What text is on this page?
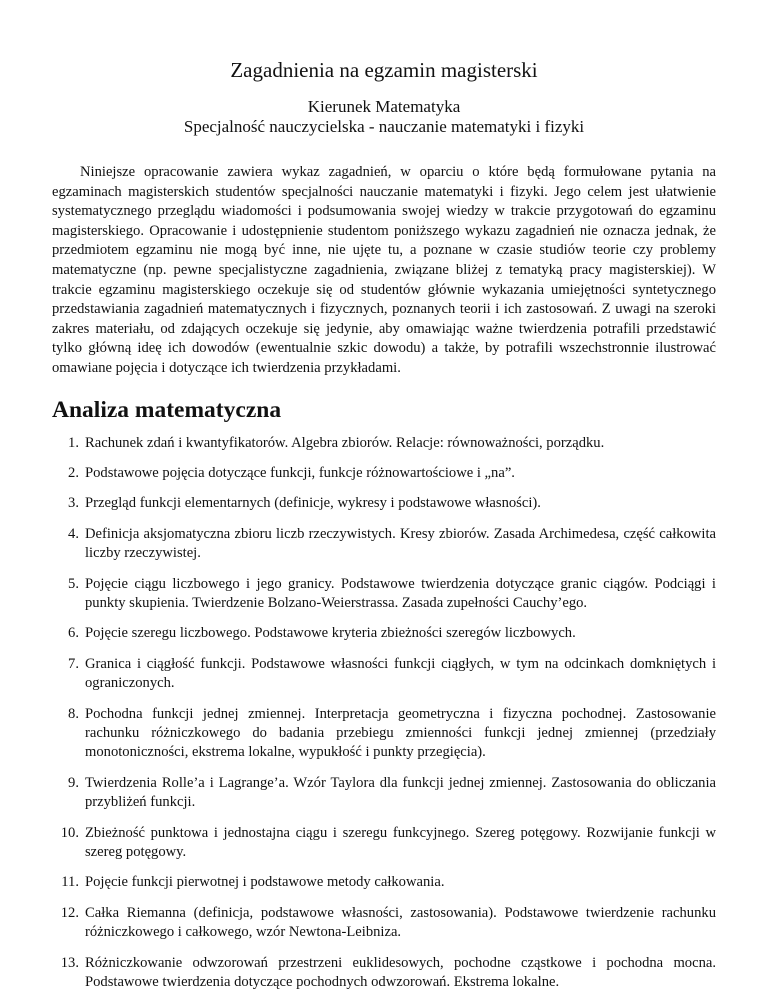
Zagadnienia na egzamin magisterski

Kierunek Matematyka

Specjalność nauczycielska - nauczanie matematyki i fizyki

Niniejsze opracowanie zawiera wykaz zagadnień, w oparciu o które będą formułowane pytania na egzaminach magisterskich studentów specjalności nauczanie matematyki i fizyki. Jego celem jest ułatwienie systematycznego przeglądu wiadomości i podsumowania swojej wiedzy w trakcie przygotowań do egzaminu magisterskiego. Opracowanie i udostępnienie studentom poniższego wykazu zagadnień nie oznacza jednak, że przedmiotem egzaminu nie mogą być inne, nie ujęte tu, a poznane w czasie studiów teorie czy problemy matematyczne (np. pewne specjalistyczne zagadnienia, związane bliżej z tematyką pracy magisterskiej). W trakcie egzaminu magisterskiego oczekuje się od studentów głównie wykazania umiejętności syntetycznego przedstawiania zagadnień matematycznych i fizycznych, poznanych teorii i ich zastosowań. Z uwagi na szeroki zakres materiału, od zdających oczekuje się jedynie, aby omawiając ważne twierdzenia potrafili przedstawić tylko główną ideę ich dowodów (ewentualnie szkic dowodu) a także, by potrafili wszechstronnie ilustrować omawiane pojęcia i dotyczące ich twierdzenia przykładami.

Analiza matematyczna
1. Rachunek zdań i kwantyfikatorów. Algebra zbiorów. Relacje: równoważności, porządku.
2. Podstawowe pojęcia dotyczące funkcji, funkcje różnowartościowe i „na”.
3. Przegląd funkcji elementarnych (definicje, wykresy i podstawowe własności).
4. Definicja aksjomatyczna zbioru liczb rzeczywistych. Kresy zbiorów. Zasada Archimedesa, część całkowita liczby rzeczywistej.
5. Pojęcie ciągu liczbowego i jego granicy. Podstawowe twierdzenia dotyczące granic ciągów. Podciągi i punkty skupienia. Twierdzenie Bolzano-Weierstrassa. Zasada zupełności Cauchy’ego.
6. Pojęcie szeregu liczbowego. Podstawowe kryteria zbieżności szeregów liczbowych.
7. Granica i ciągłość funkcji. Podstawowe własności funkcji ciągłych, w tym na odcinkach domkniętych i ograniczonych.
8. Pochodna funkcji jednej zmiennej. Interpretacja geometryczna i fizyczna pochodnej. Zastosowanie rachunku różniczkowego do badania przebiegu zmienności funkcji jednej zmiennej (przedziały monotoniczności, ekstrema lokalne, wypukłość i punkty przegięcia).
9. Twierdzenia Rolle’a i Lagrange’a. Wzór Taylora dla funkcji jednej zmiennej. Zastosowania do obliczania przybliżeń funkcji.
10. Zbieżność punktowa i jednostajna ciągu i szeregu funkcyjnego. Szereg potęgowy. Rozwijanie funkcji w szereg potęgowy.
11. Pojęcie funkcji pierwotnej i podstawowe metody całkowania.
12. Całka Riemanna (definicja, podstawowe własności, zastosowania). Podstawowe twierdzenie rachunku różniczkowego i całkowego, wzór Newtona-Leibniza.
13. Różniczkowanie odwzorowań przestrzeni euklidesowych, pochodne cząstkowe i pochodna mocna. Podstawowe twierdzenia dotyczące pochodnych odwzorowań. Ekstrema lokalne.
